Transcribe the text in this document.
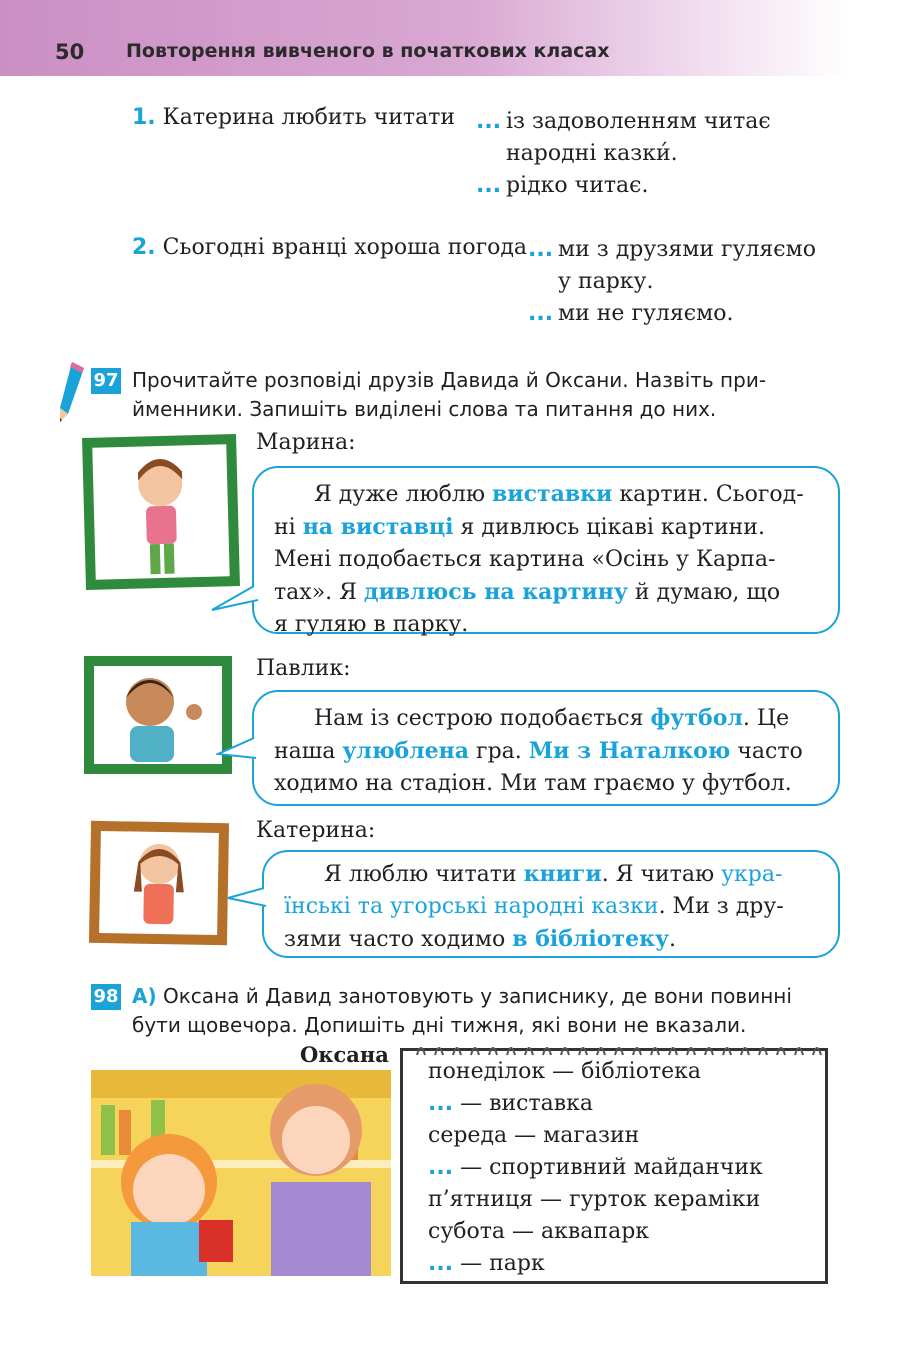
50 Повторення вивченого в початкових класах
1. Катерина любить читати ... із задоволенням читає
народні казки́.
... рідко читає.
2. Сьогодні вранці хороша погода ... ми з друзями гуляємо
у парку.
... ми не гуляємо.
97 Прочитайте розповіді друзів Давида й Оксани. Назвіть при-
йменники. Запишіть виділені слова та питання до них.
Марина:
Я дуже люблю виставки картин. Сьогод-
ні на виставці я дивлюсь цікаві картини.
Мені подобається картина «Осінь у Карпа-
тах». Я дивлюсь на картину й думаю, що
я гуляю в парку.
Павлик:
Нам із сестрою подобається футбол. Це
наша улюблена гра. Ми з Наталкою часто
ходимо на стадіон. Ми там граємо у футбол.
Катерина:
Я люблю читати книги. Я читаю укра-
їнські та угорські народні казки. Ми з дру-
зями часто ходимо в бібліотеку.
98 А) Оксана й Давид занотовують у записнику, де вони повинні
бути щовечора. Допишіть дні тижня, які вони не вказали.
Оксана
понеділок — бібліотека
... — виставка
середа — магазин
... — спортивний майданчик
п’ятниця — гурток кераміки
субота — аквапарк
... — парк
